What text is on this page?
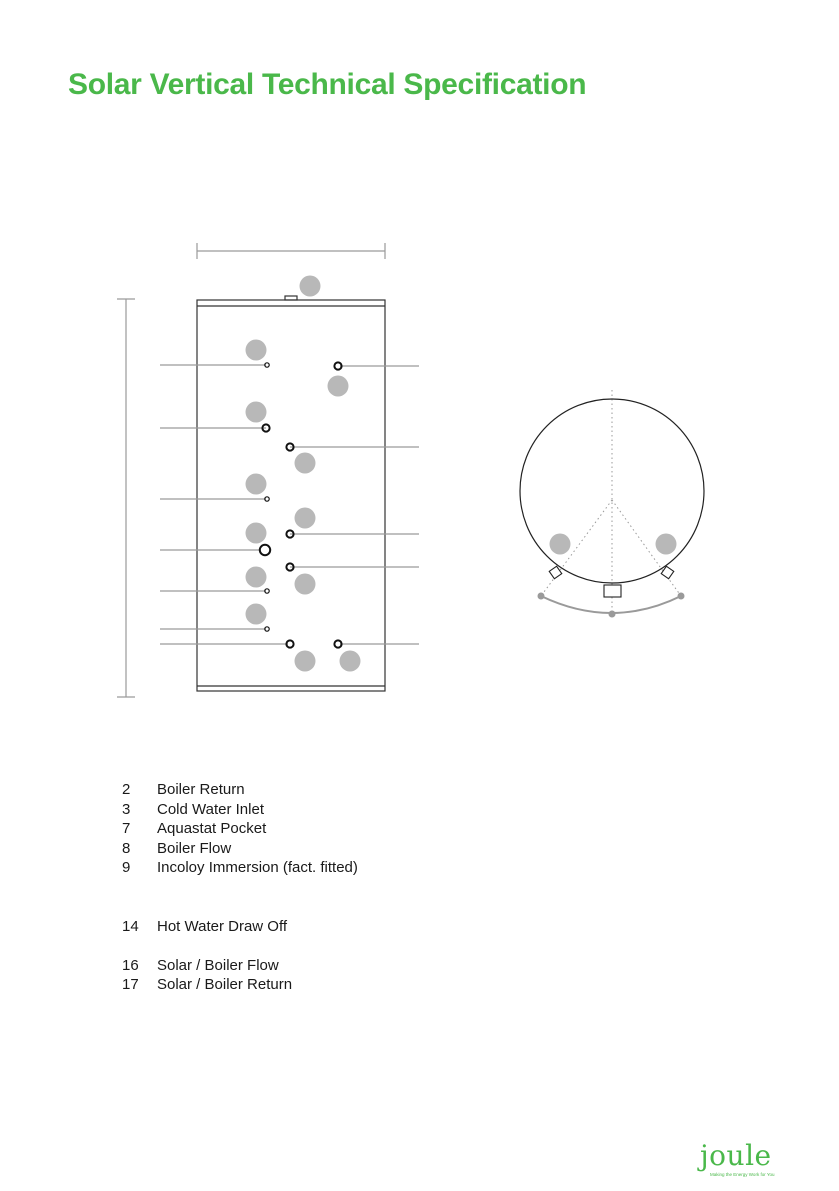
Solar Vertical Technical Specification
2	Boiler Return
3	Cold Water Inlet
7	Aquastat Pocket
8	Boiler Flow
9	Incoloy Immersion (fact. fitted)
14	Hot Water Draw Off
16	Solar / Boiler Flow
17	Solar / Boiler Return
joule
Making the Energy Work for You
